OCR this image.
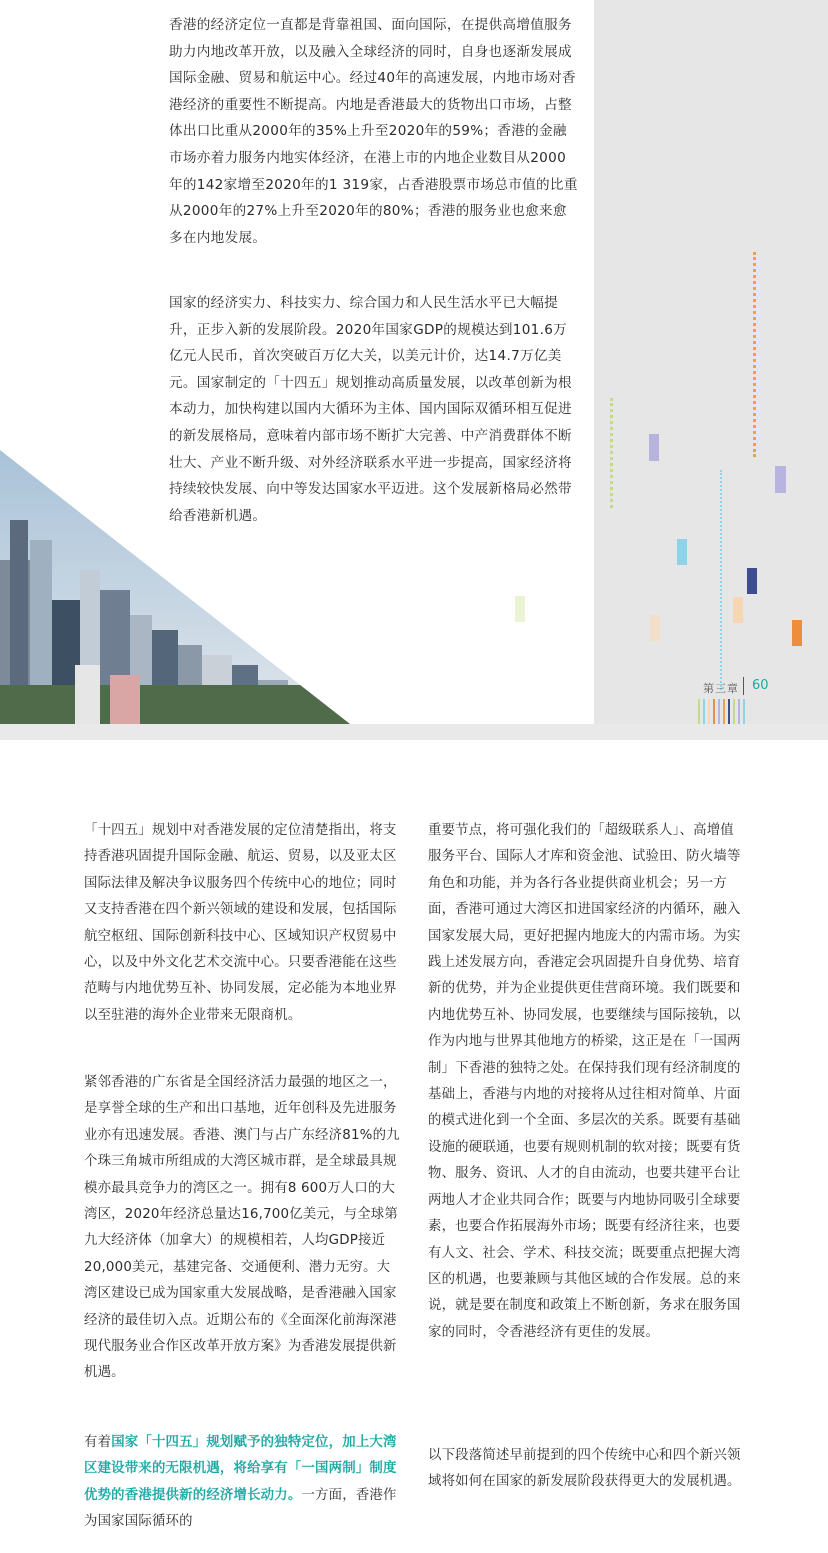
第三章 60

香港的经济定位一直都是背靠祖国、面向国际，在提供高增值服务助力内地改革开放，以及融入全球经济的同时，自身也逐渐发展成国际金融、贸易和航运中心。经过40年的高速发展，内地市场对香港经济的重要性不断提高。内地是香港最大的货物出口市场，占整体出口比重从2000年的35%上升至2020年的59%；香港的金融市场亦着力服务内地实体经济，在港上市的内地企业数目从2000年的142家增至2020年的1 319家，占香港股票市场总市值的比重从2000年的27%上升至2020年的80%；香港的服务业也愈来愈多在内地发展。

国家的经济实力、科技实力、综合国力和人民生活水平已大幅提升，正步入新的发展阶段。2020年国家GDP的规模达到101.6万亿元人民币，首次突破百万亿大关，以美元计价，达14.7万亿美元。国家制定的「十四五」规划推动高质量发展，以改革创新为根本动力，加快构建以国内大循环为主体、国内国际双循环相互促进的新发展格局，意味着内部市场不断扩大完善、中产消费群体不断壮大、产业不断升级、对外经济联系水平进一步提高，国家经济将持续较快发展、向中等发达国家水平迈进。这个发展新格局必然带给香港新机遇。

「十四五」规划中对香港发展的定位清楚指出，将支持香港巩固提升国际金融、航运、贸易，以及亚太区国际法律及解决争议服务四个传统中心的地位；同时又支持香港在四个新兴领域的建设和发展，包括国际航空枢纽、国际创新科技中心、区域知识产权贸易中心，以及中外文化艺术交流中心。只要香港能在这些范畴与内地优势互补、协同发展，定必能为本地业界以至驻港的海外企业带来无限商机。

紧邻香港的广东省是全国经济活力最强的地区之一，是享誉全球的生产和出口基地，近年创科及先进服务业亦有迅速发展。香港、澳门与占广东经济81%的九个珠三角城市所组成的大湾区城市群，是全球最具规模亦最具竞争力的湾区之一。拥有8 600万人口的大湾区，2020年经济总量达16,700亿美元，与全球第九大经济体（加拿大）的规模相若，人均GDP接近20,000美元，基建完备、交通便利、潜力无穷。大湾区建设已成为国家重大发展战略，是香港融入国家经济的最佳切入点。近期公布的《全面深化前海深港现代服务业合作区改革开放方案》为香港发展提供新机遇。

有着国家「十四五」规划赋予的独特定位，加上大湾区建设带来的无限机遇，将给享有「一国两制」制度优势的香港提供新的经济增长动力。一方面，香港作为国家国际循环的

重要节点，将可强化我们的「超级联系人」、高增值服务平台、国际人才库和资金池、试验田、防火墙等角色和功能，并为各行各业提供商业机会；另一方面，香港可通过大湾区扣进国家经济的内循环，融入国家发展大局，更好把握内地庞大的内需市场。为实践上述发展方向，香港定会巩固提升自身优势、培育新的优势，并为企业提供更佳营商环境。我们既要和内地优势互补、协同发展，也要继续与国际接轨，以作为内地与世界其他地方的桥梁，这正是在「一国两制」下香港的独特之处。在保持我们现有经济制度的基础上，香港与内地的对接将从过往相对简单、片面的模式进化到一个全面、多层次的关系。既要有基础设施的硬联通，也要有规则机制的软对接；既要有货物、服务、资讯、人才的自由流动，也要共建平台让两地人才企业共同合作；既要与内地协同吸引全球要素，也要合作拓展海外市场；既要有经济往来，也要有人文、社会、学术、科技交流；既要重点把握大湾区的机遇，也要兼顾与其他区域的合作发展。总的来说，就是要在制度和政策上不断创新，务求在服务国家的同时，令香港经济有更佳的发展。

以下段落简述早前提到的四个传统中心和四个新兴领域将如何在国家的新发展阶段获得更大的发展机遇。
